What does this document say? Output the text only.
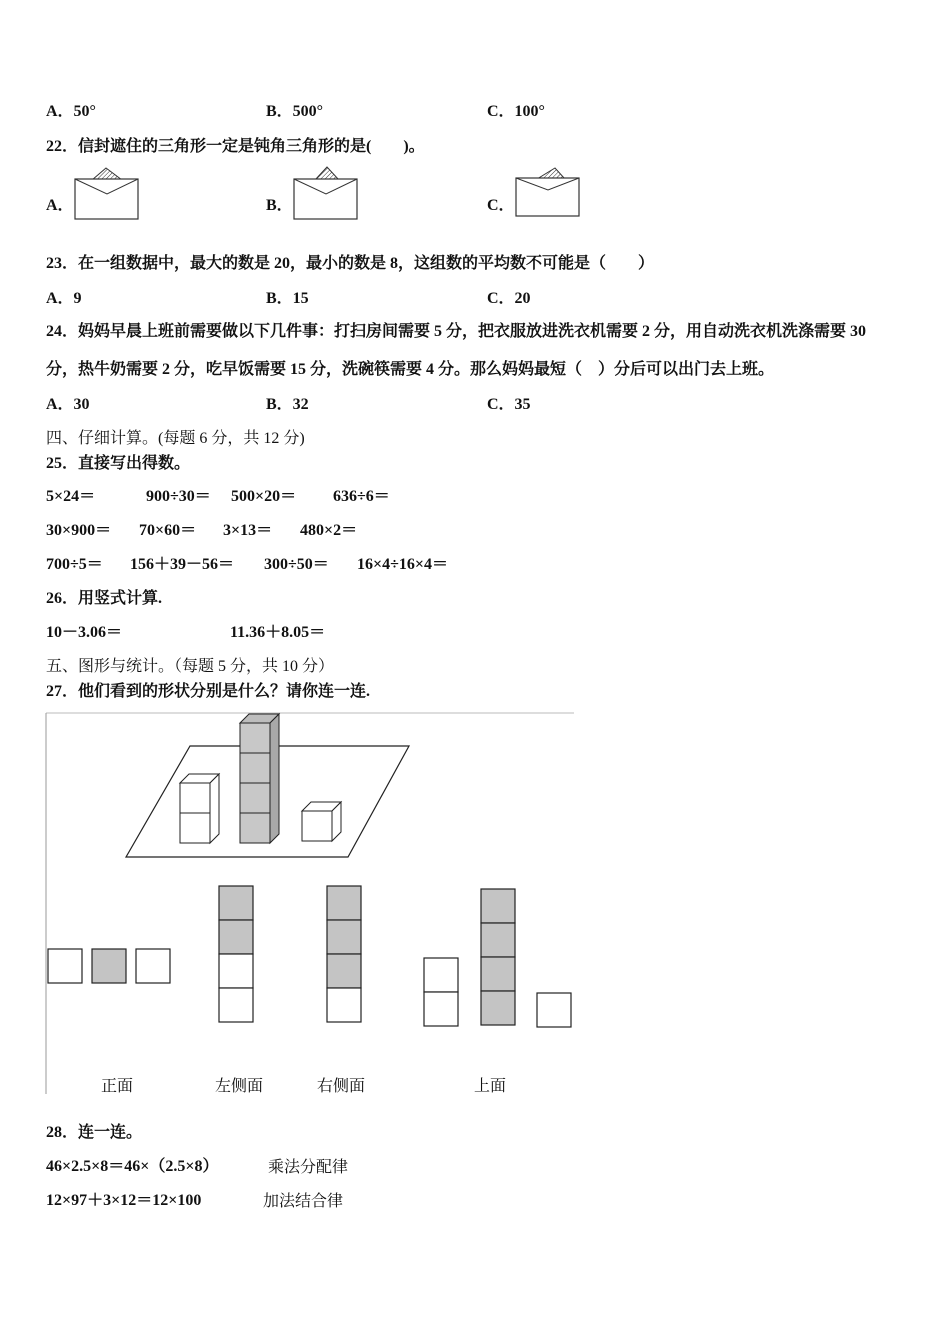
A．50°	B．500°	C．100°
22．信封遮住的三角形一定是钝角三角形的是(　　)。
A．	B．	C．
23．在一组数据中，最大的数是 20，最小的数是 8，这组数的平均数不可能是（　　）
A．9	B．15	C．20
24．妈妈早晨上班前需要做以下几件事：打扫房间需要 5 分，把衣服放进洗衣机需要 2 分，用自动洗衣机洗涤需要 30
分，热牛奶需要 2 分，吃早饭需要 15 分，洗碗筷需要 4 分。那么妈妈最短（　）分后可以出门去上班。
A．30	B．32	C．35
四、仔细计算。(每题 6 分，共 12 分)
25．直接写出得数。
5×24＝	900÷30＝ 500×20＝ 636÷6＝
30×900＝ 70×60＝ 3×13＝ 480×2＝
700÷5＝ 156＋39－56＝ 300÷50＝ 16×4÷16×4＝
26．用竖式计算.
10－3.06＝	11.36＋8.05＝
五、图形与统计。（每题 5 分，共 10 分）
27．他们看到的形状分别是什么？请你连一连.
正面	左侧面	右侧面	上面
28．连一连。
46×2.5×8＝46×（2.5×8）	乘法分配律
12×97＋3×12＝12×100	加法结合律
